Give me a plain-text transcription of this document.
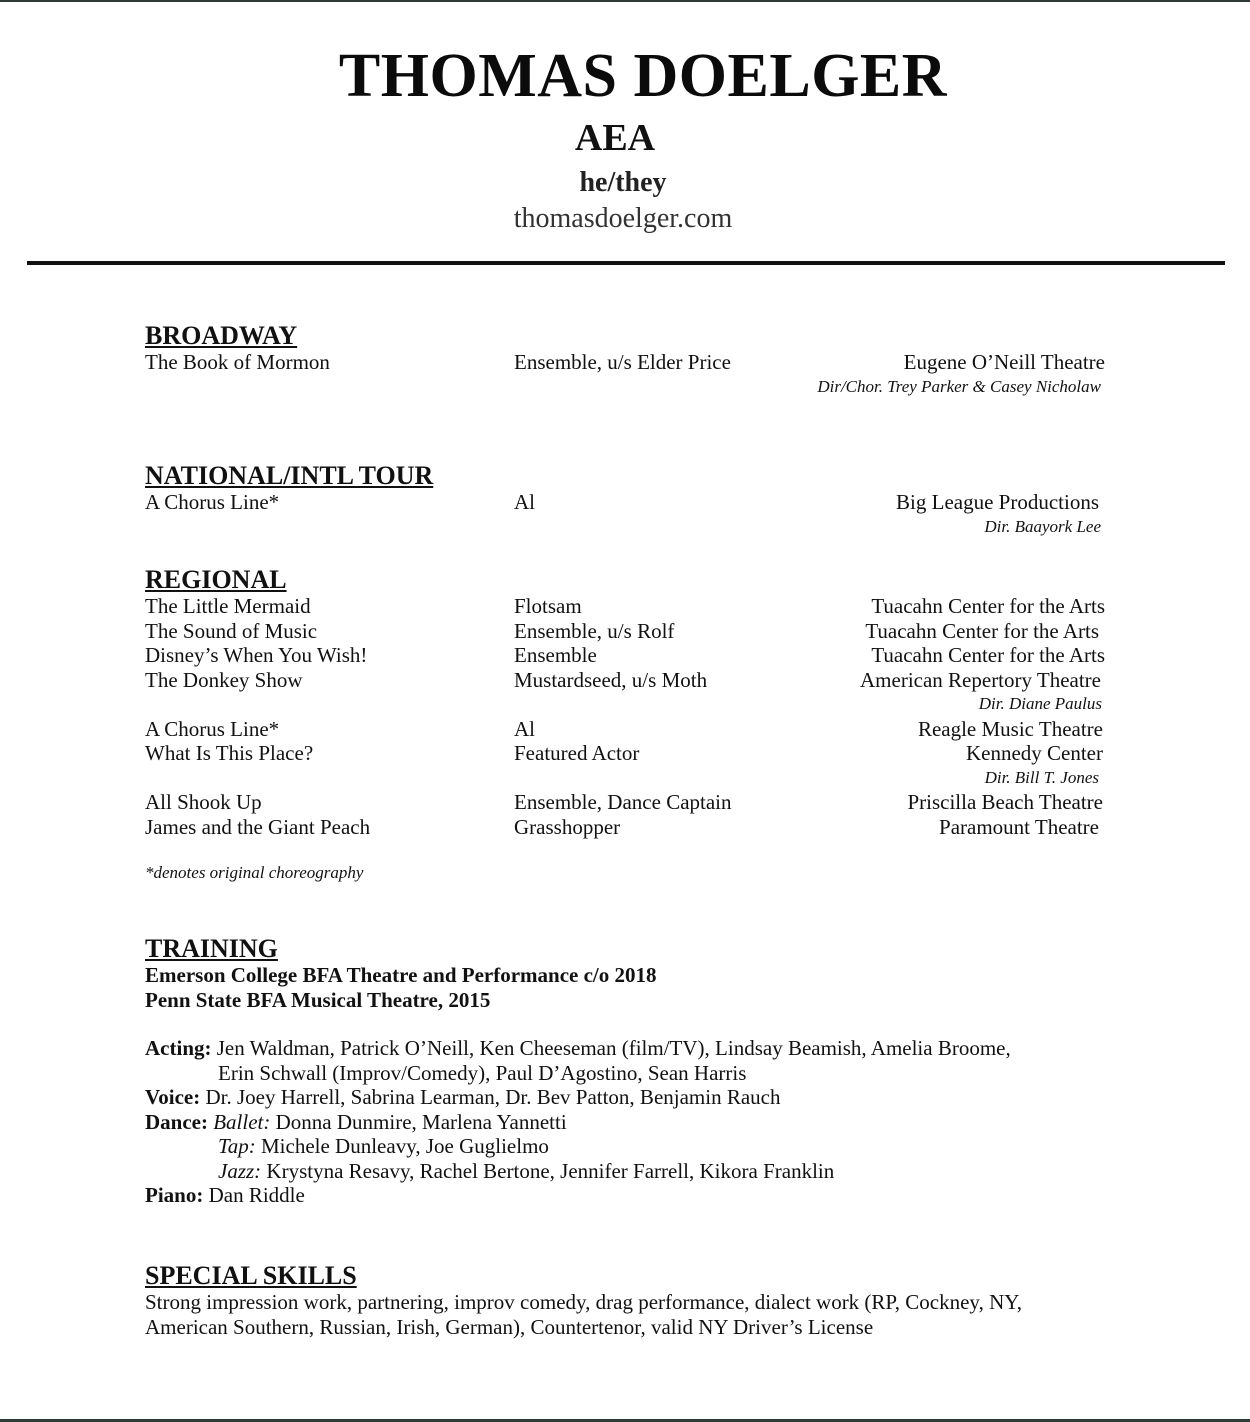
THOMAS DOELGER
AEA
he/they
thomasdoelger.com
BROADWAY
The Book of Mormon	Ensemble, u/s Elder Price	Eugene O’Neill Theatre
Dir/Chor. Trey Parker & Casey Nicholaw
NATIONAL/INTL TOUR
A Chorus Line*	Al	Big League Productions
Dir. Baayork Lee
REGIONAL
The Little Mermaid	Flotsam	Tuacahn Center for the Arts
The Sound of Music	Ensemble, u/s Rolf	Tuacahn Center for the Arts
Disney’s When You Wish!	Ensemble	Tuacahn Center for the Arts
The Donkey Show	Mustardseed, u/s Moth	American Repertory Theatre
Dir. Diane Paulus
A Chorus Line*	Al	Reagle Music Theatre
What Is This Place?	Featured Actor	Kennedy Center
Dir. Bill T. Jones
All Shook Up	Ensemble, Dance Captain	Priscilla Beach Theatre
James and the Giant Peach	Grasshopper	Paramount Theatre
*denotes original choreography
TRAINING
Emerson College BFA Theatre and Performance c/o 2018
Penn State BFA Musical Theatre, 2015
Acting: Jen Waldman, Patrick O’Neill, Ken Cheeseman (film/TV), Lindsay Beamish, Amelia Broome,
Erin Schwall (Improv/Comedy), Paul D’Agostino, Sean Harris
Voice: Dr. Joey Harrell, Sabrina Learman, Dr. Bev Patton, Benjamin Rauch
Dance: Ballet: Donna Dunmire, Marlena Yannetti
Tap: Michele Dunleavy, Joe Guglielmo
Jazz: Krystyna Resavy, Rachel Bertone, Jennifer Farrell, Kikora Franklin
Piano: Dan Riddle
SPECIAL SKILLS
Strong impression work, partnering, improv comedy, drag performance, dialect work (RP, Cockney, NY,
American Southern, Russian, Irish, German), Countertenor, valid NY Driver’s License
